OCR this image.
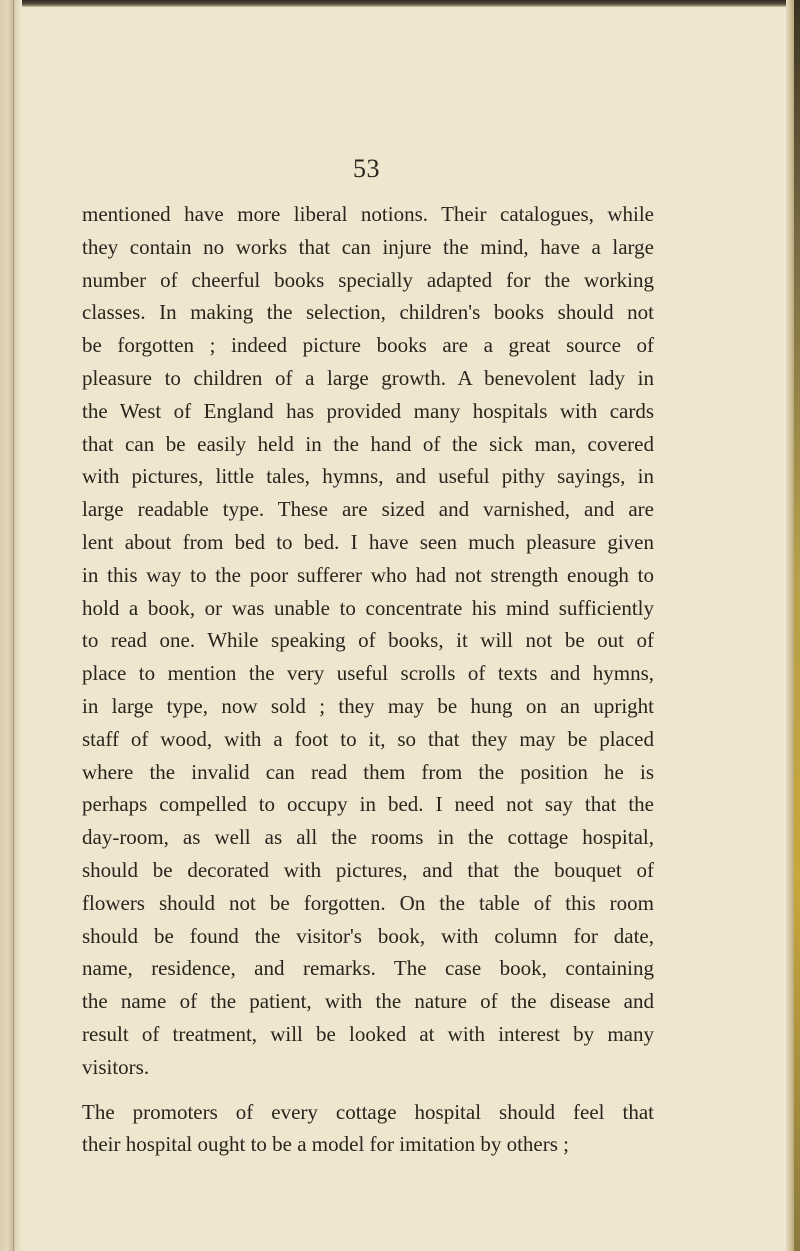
53
mentioned have more liberal notions. Their catalogues, while
they contain no works that can injure the mind, have a large
number of cheerful books specially adapted for the working
classes. In making the selection, children's books should not
be forgotten ; indeed picture books are a great source of
pleasure to children of a large growth. A benevolent lady in
the West of England has provided many hospitals with cards
that can be easily held in the hand of the sick man, covered
with pictures, little tales, hymns, and useful pithy sayings, in
large readable type. These are sized and varnished, and are
lent about from bed to bed. I have seen much pleasure given
in this way to the poor sufferer who had not strength enough to
hold a book, or was unable to concentrate his mind sufficiently
to read one. While speaking of books, it will not be out of
place to mention the very useful scrolls of texts and hymns,
in large type, now sold ; they may be hung on an upright
staff of wood, with a foot to it, so that they may be placed
where the invalid can read them from the position he is
perhaps compelled to occupy in bed. I need not say that the
day-room, as well as all the rooms in the cottage hospital,
should be decorated with pictures, and that the bouquet of
flowers should not be forgotten. On the table of this room
should be found the visitor's book, with column for date,
name, residence, and remarks. The case book, containing
the name of the patient, with the nature of the disease and
result of treatment, will be looked at with interest by many
visitors.
The promoters of every cottage hospital should feel that
their hospital ought to be a model for imitation by others ;
